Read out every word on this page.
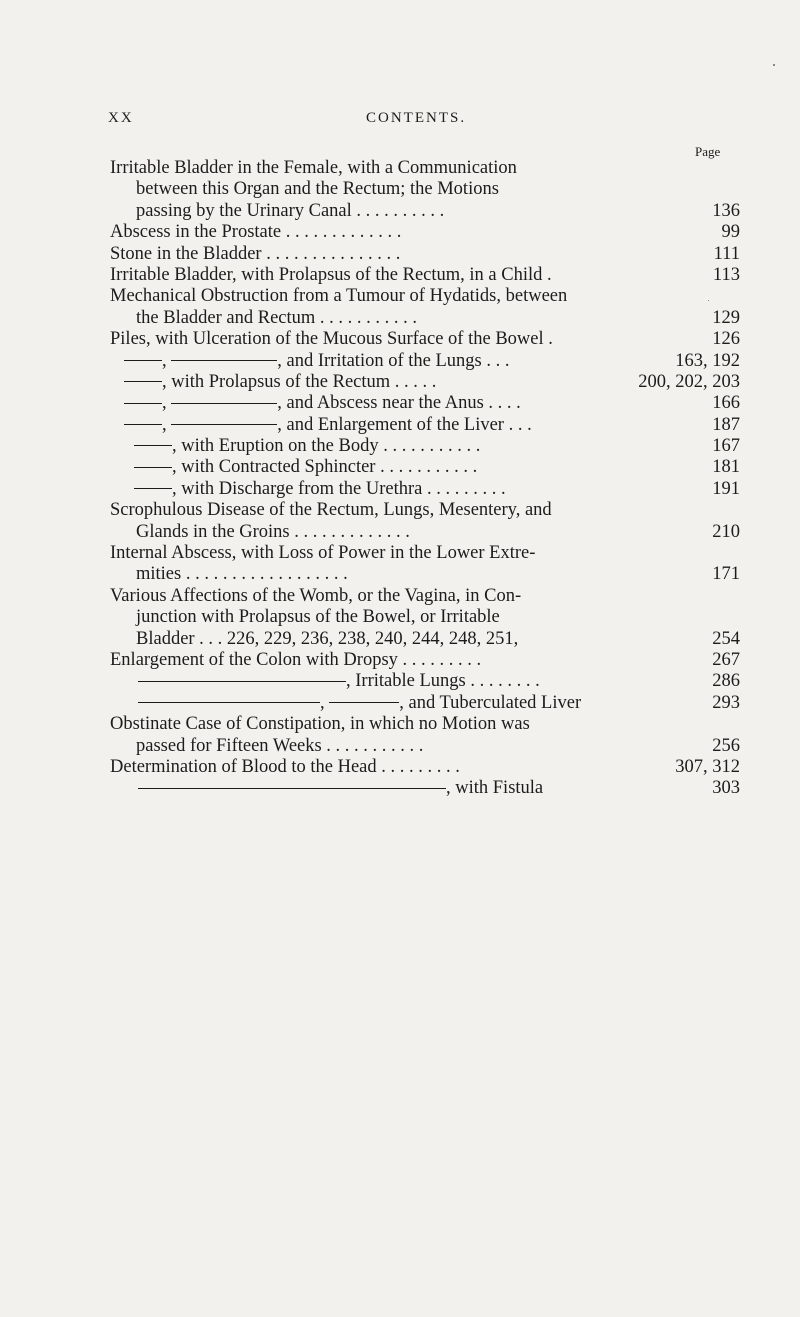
XX	CONTENTS.
Page
Irritable Bladder in the Female, with a Communication
between this Organ and the Rectum; the Motions
passing by the Urinary Canal . . . . . . . . . .	136
Abscess in the Prostate . . . . . . . . . . . . .	99
Stone in the Bladder . . . . . . . . . . . . . . .	111
Irritable Bladder, with Prolapsus of the Rectum, in a Child .	113
Mechanical Obstruction from a Tumour of Hydatids, between
the Bladder and Rectum . . . . . . . . . . .	129
Piles, with Ulceration of the Mucous Surface of the Bowel .	126
,	, and Irritation of the Lungs . . .	163, 192
, with Prolapsus of the Rectum . . . . .	200, 202, 203
,	, and Abscess near the Anus . . . .	166
,	, and Enlargement of the Liver . . .	187
, with Eruption on the Body . . . . . . . . . . .	167
, with Contracted Sphincter . . . . . . . . . . .	181
, with Discharge from the Urethra . . . . . . . . .	191
Scrophulous Disease of the Rectum, Lungs, Mesentery, and
Glands in the Groins . . . . . . . . . . . . .	210
Internal Abscess, with Loss of Power in the Lower Extre-
mities . . . . . . . . . . . . . . . . . .	171
Various Affections of the Womb, or the Vagina, in Con-
junction with Prolapsus of the Bowel, or Irritable
Bladder . . . 226, 229, 236, 238, 240, 244, 248, 251,	254
Enlargement of the Colon with Dropsy . . . . . . . . .	267
, Irritable Lungs . . . . . . . .	286
,	, and Tuberculated Liver	293
Obstinate Case of Constipation, in which no Motion was
passed for Fifteen Weeks . . . . . . . . . . .	256
Determination of Blood to the Head . . . . . . . . .	307, 312
, with Fistula	303
